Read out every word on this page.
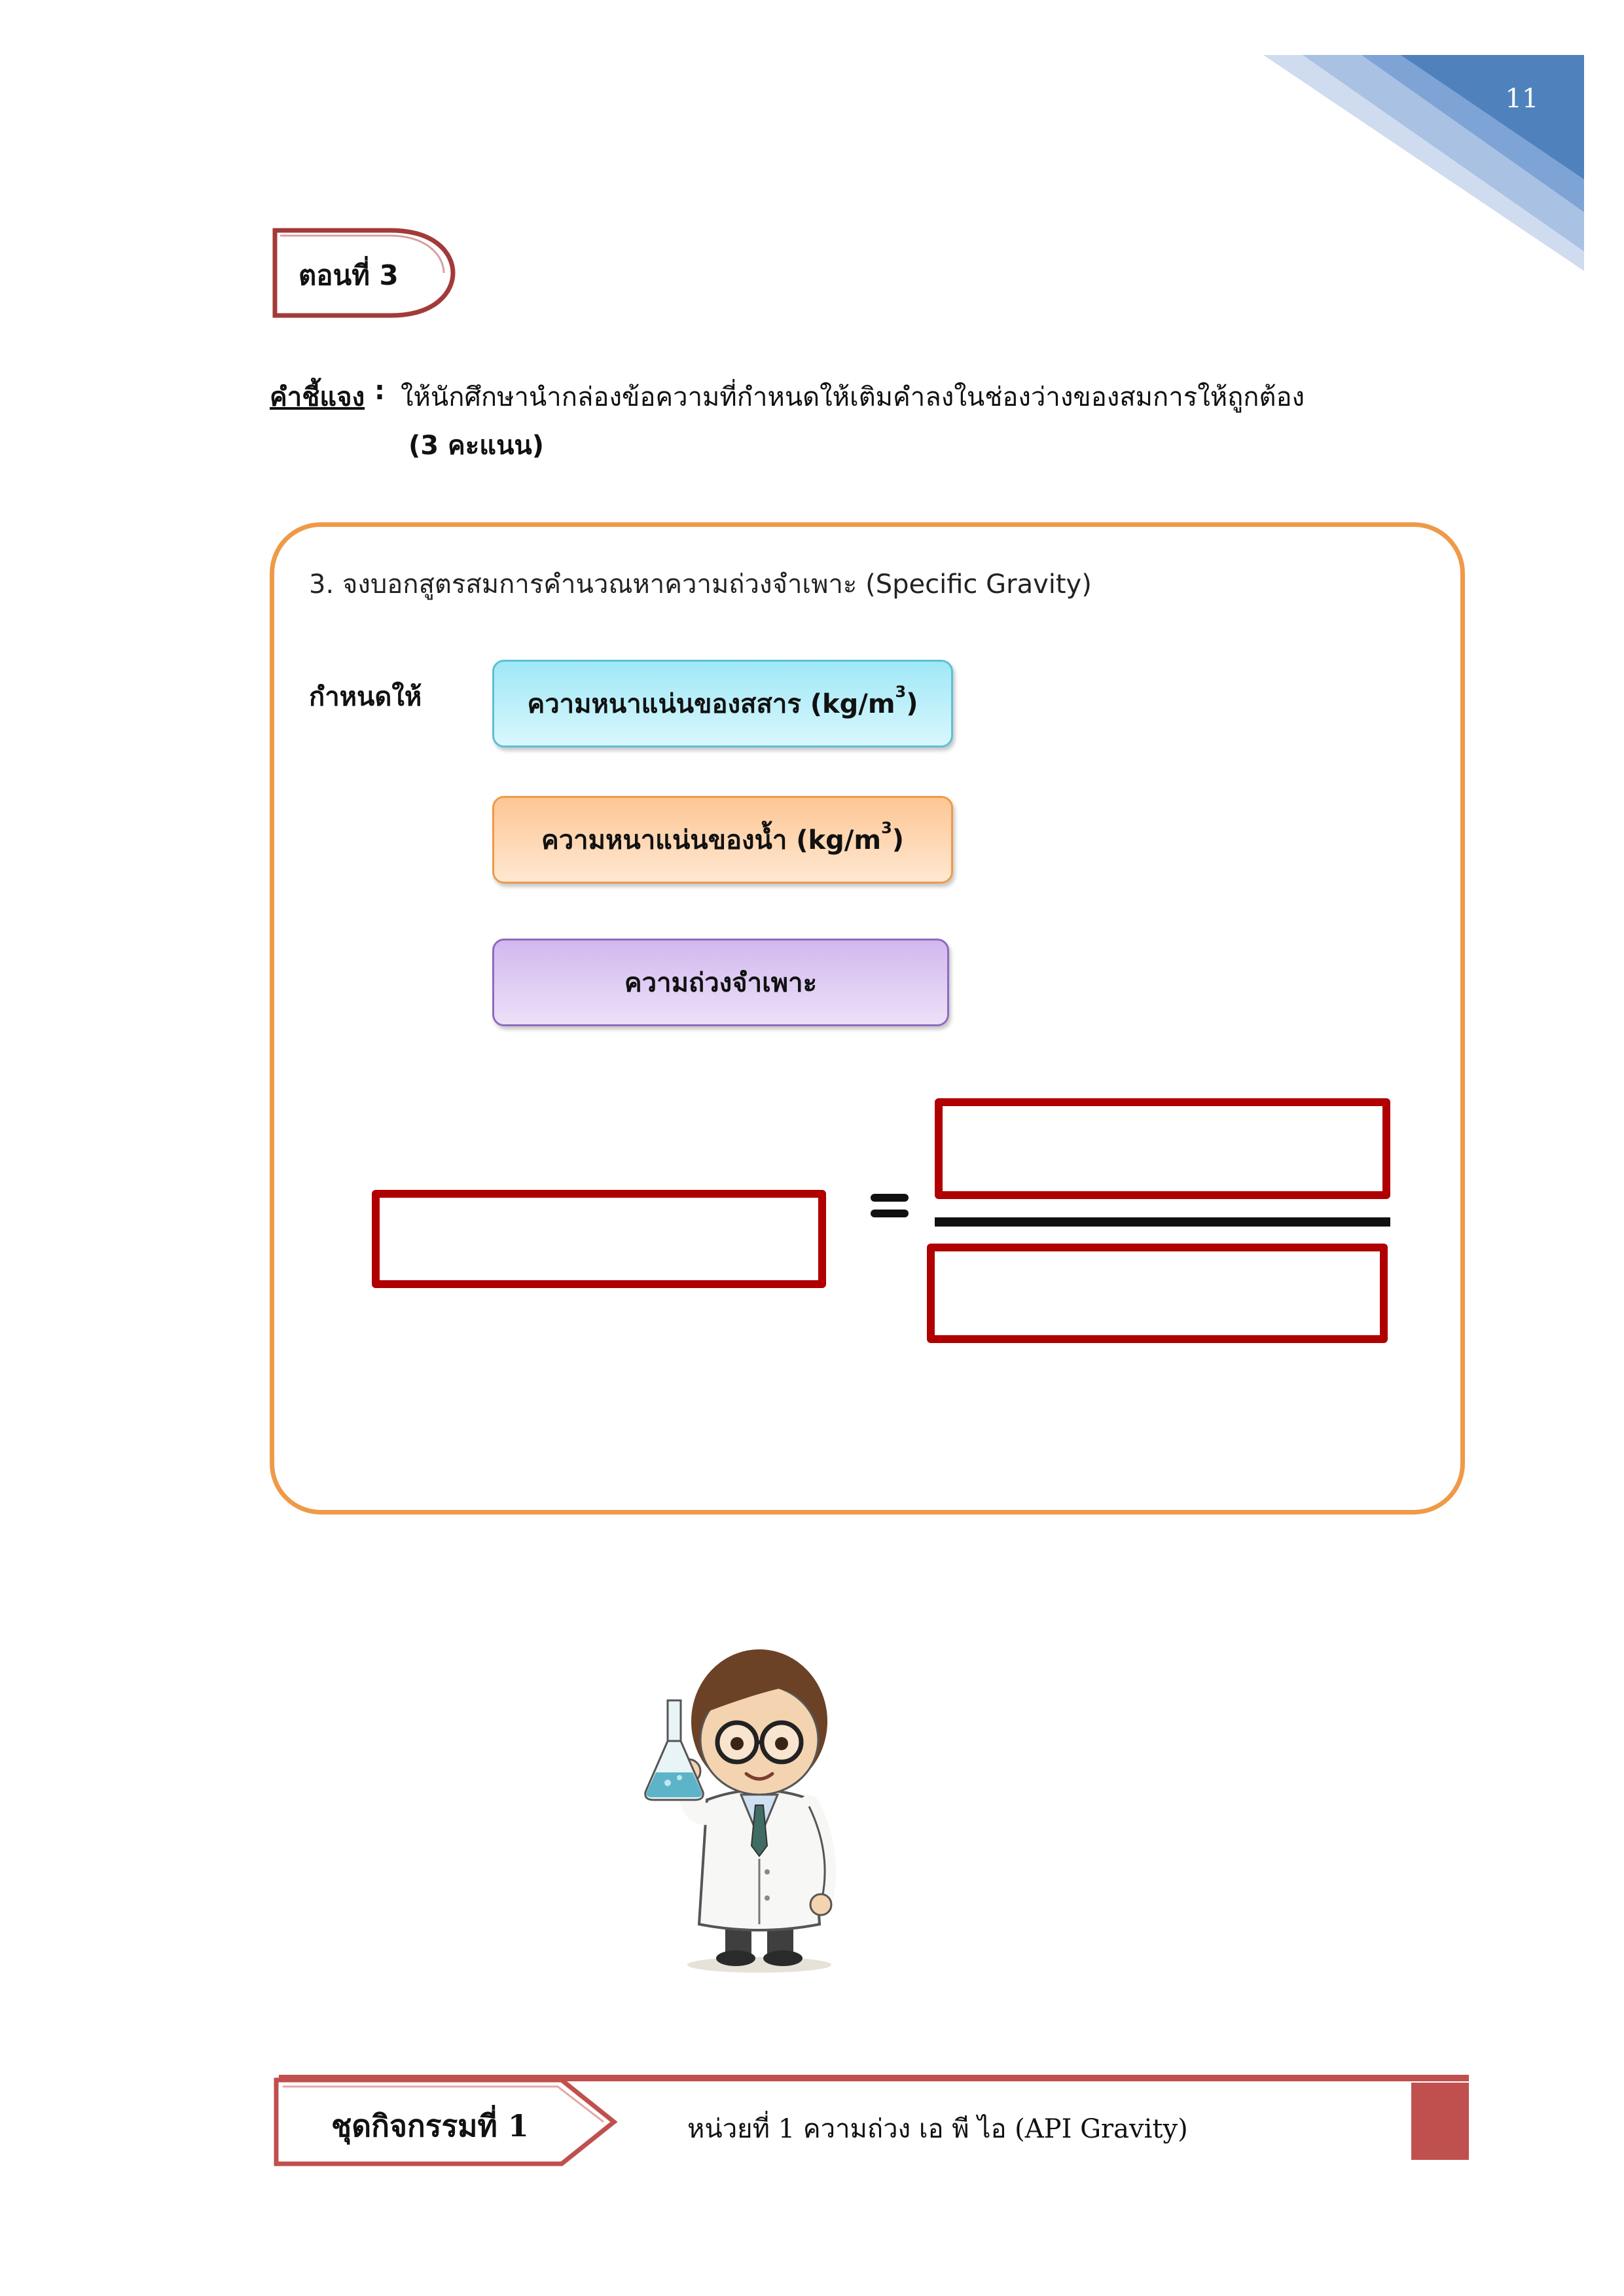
11
ตอนที่ 3
คำชี้แจง : ให้นักศึกษานำกล่องข้อความที่กำหนดให้เติมคำลงในช่องว่างของสมการให้ถูกต้อง
(3 คะแนน)
3. จงบอกสูตรสมการคำนวณหาความถ่วงจำเพาะ (Specific Gravity)
กำหนดให้	ความหนาแน่นของสสาร (kg/m 3 )
ความหนาแน่นของน้ำ (kg/m 3 )
ความถ่วงจำเพาะ
ชุดกิจกรรมที่ 1	หน่วยที่ 1 ความถ่วง เอ พี ไอ (API Gravity)
